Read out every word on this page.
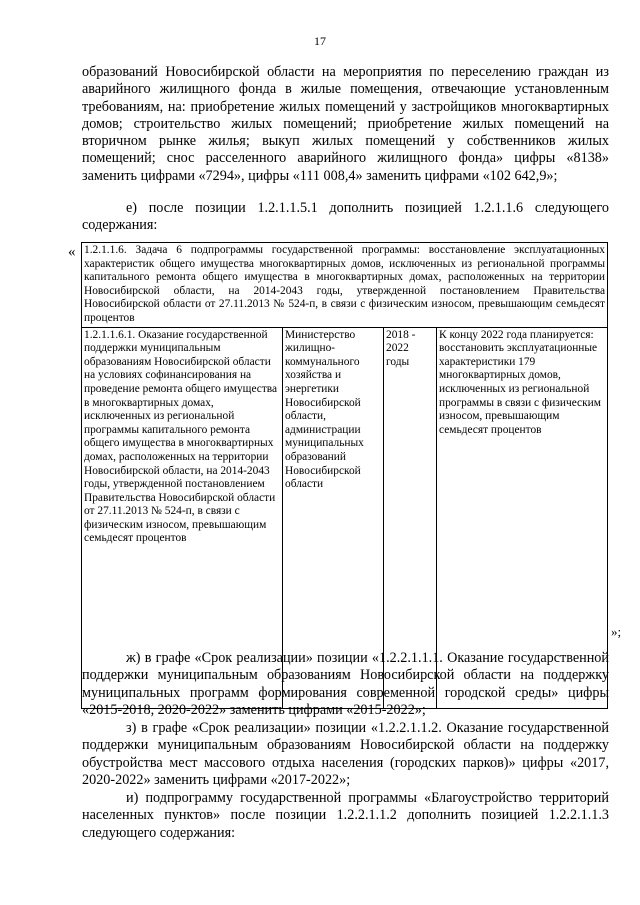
17

образований Новосибирской области на мероприятия по переселению граждан из аварийного жилищного фонда в жилые помещения, отвечающие установленным требованиям, на: приобретение жилых помещений у застройщиков многоквартирных домов; строительство жилых помещений; приобретение жилых помещений на вторичном рынке жилья; выкуп жилых помещений у собственников жилых помещений; снос расселенного аварийного жилищного фонда» цифры «8138» заменить цифрами «7294», цифры «111 008,4» заменить цифрами «102 642,9»;

е) после позиции 1.2.1.1.5.1 дополнить позицией 1.2.1.1.6 следующего содержания:

« 1.2.1.1.6. Задача 6 подпрограммы государственной программы: восстановление эксплуатационных характеристик общего имущества многоквартирных домов, исключенных из региональной программы капитального ремонта общего имущества в многоквартирных домах, расположенных на территории Новосибирской области, на 2014-2043 годы, утвержденной постановлением Правительства Новосибирской области от 27.11.2013 № 524-п, в связи с физическим износом, превышающим семьдесят процентов
1.2.1.1.6.1. Оказание государственной поддержки муниципальным образованиям Новосибирской области на условиях софинансирования на проведение ремонта общего имущества в многоквартирных домах, исключенных из региональной программы капитального ремонта общего имущества в многоквартирных домах, расположенных на территории Новосибирской области, на 2014-2043 годы, утвержденной постановлением Правительства Новосибирской области от 27.11.2013 № 524-п, в связи с физическим износом, превышающим семьдесят процентов	Министерство жилищно-коммунального хозяйства и энергетики Новосибирской области, администрации муниципальных образований Новосибирской области	2018 - 2022 годы	К концу 2022 года планируется: восстановить эксплуатационные характеристики 179 многоквартирных домов, исключенных из региональной программы в связи с физическим износом, превышающим семьдесят процентов
»;

ж) в графе «Срок реализации» позиции «1.2.2.1.1.1. Оказание государственной поддержки муниципальным образованиям Новосибирской области на поддержку муниципальных программ формирования современной городской среды» цифры «2015-2018, 2020-2022» заменить цифрами «2015-2022»;

з) в графе «Срок реализации» позиции «1.2.2.1.1.2. Оказание государственной поддержки муниципальным образованиям Новосибирской области на поддержку обустройства мест массового отдыха населения (городских парков)» цифры «2017, 2020-2022» заменить цифрами «2017-2022»;

и) подпрограмму государственной программы «Благоустройство территорий населенных пунктов» после позиции 1.2.2.1.1.2 дополнить позицией 1.2.2.1.1.3 следующего содержания:
